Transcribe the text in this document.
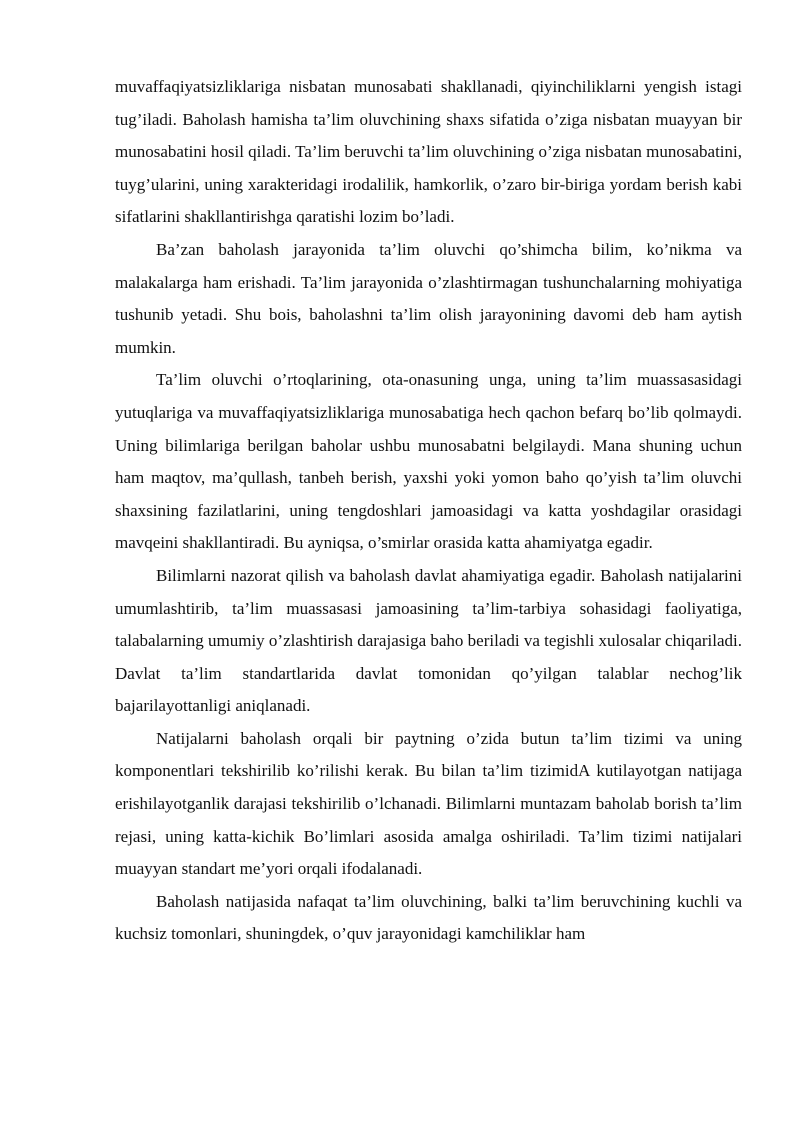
muvaffaqiyatsizliklariga nisbatan munosabati shakllanadi, qiyinchiliklarni yengish istagi tug’iladi. Baholash hamisha ta’lim oluvchining shaxs sifatida o’ziga nisbatan muayyan bir munosabatini hosil qiladi. Ta’lim beruvchi ta’lim oluvchining o’ziga nisbatan munosabatini, tuyg’ularini, uning xarakteridagi irodalilik, hamkorlik, o’zaro bir-biriga yordam berish kabi sifatlarini shakllantirishga qaratishi lozim bo’ladi.

Ba’zan baholash jarayonida ta’lim oluvchi qo’shimcha bilim, ko’nikma va malakalarga ham erishadi. Ta’lim jarayonida o’zlashtirmagan tushunchalarning mohiyatiga tushunib yetadi. Shu bois, baholashni ta’lim olish jarayonining davomi deb ham aytish mumkin.

Ta’lim oluvchi o’rtoqlarining, ota-onasuning unga, uning ta’lim muassasasidagi yutuqlariga va muvaffaqiyatsizliklariga munosabatiga hech qachon befarq bo’lib qolmaydi. Uning bilimlariga berilgan baholar ushbu munosabatni belgilaydi. Mana shuning uchun ham maqtov, ma’qullash, tanbeh berish, yaxshi yoki yomon baho qo’yish ta’lim oluvchi shaxsining fazilatlarini, uning tengdoshlari jamoasidagi va katta yoshdagilar orasidagi mavqeini shakllantiradi. Bu ayniqsa, o’smirlar orasida katta ahamiyatga egadir.

Bilimlarni nazorat qilish va baholash davlat ahamiyatiga egadir. Baholash natijalarini umumlashtirib, ta’lim muassasasi jamoasining ta’lim-tarbiya sohasidagi faoliyatiga, talabalarning umumiy o’zlashtirish darajasiga baho beriladi va tegishli xulosalar chiqariladi. Davlat ta’lim standartlarida davlat tomonidan qo’yilgan talablar nechog’lik bajarilayottanligi aniqlanadi.

Natijalarni baholash orqali bir paytning o’zida butun ta’lim tizimi va uning komponentlari tekshirilib ko’rilishi kerak. Bu bilan ta’lim tizimidA kutilayotgan natijaga erishilayotganlik darajasi tekshirilib o’lchanadi. Bilimlarni muntazam baholab borish ta’lim rejasi, uning katta-kichik Bo’limlari asosida amalga oshiriladi. Ta’lim tizimi natijalari muayyan standart me’yori orqali ifodalanadi.

Baholash natijasida nafaqat ta’lim oluvchining, balki ta’lim beruvchining kuchli va kuchsiz tomonlari, shuningdek, o’quv jarayonidagi kamchiliklar ham
